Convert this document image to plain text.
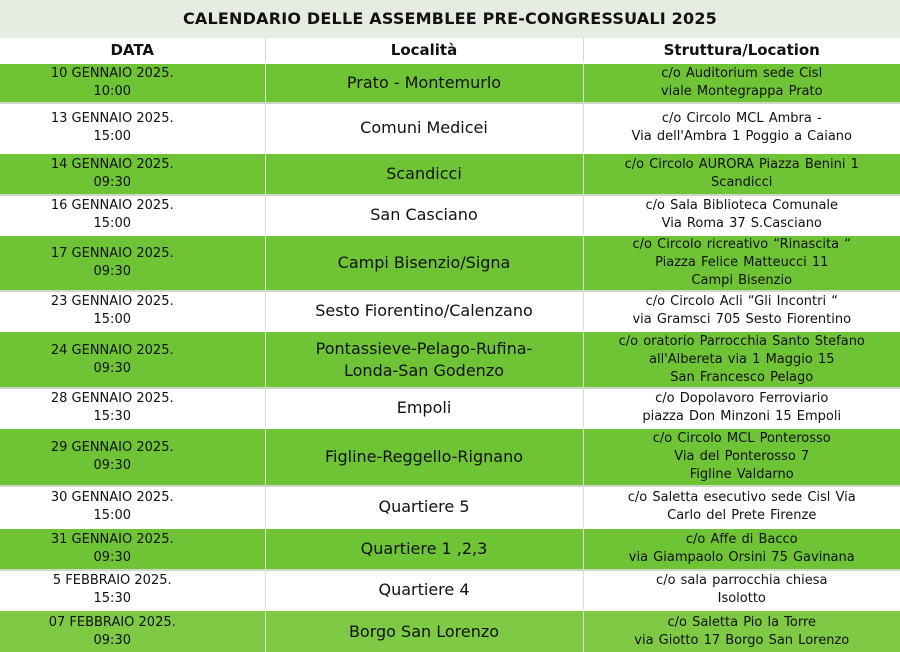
CALENDARIO DELLE ASSEMBLEE PRE-CONGRESSUALI 2025
DATA	Località	Struttura/Location
10 GENNAIO 2025.
10:00	Prato - Montemurlo	c/o Auditorium sede Cisl
viale Montegrappa Prato
13 GENNAIO 2025.
15:00	Comuni Medicei	c/o Circolo MCL Ambra -
Via dell'Ambra 1 Poggio a Caiano
14 GENNAIO 2025.
09:30	Scandicci	c/o Circolo AURORA Piazza Benini 1
Scandicci
16 GENNAIO 2025.
15:00	San Casciano	c/o Sala Biblioteca Comunale
Via Roma 37 S.Casciano
17 GENNAIO 2025.
09:30	Campi Bisenzio/Signa	c/o Circolo ricreativo “Rinascita “
Piazza Felice Matteucci 11
Campi Bisenzio
23 GENNAIO 2025.
15:00	Sesto Fiorentino/Calenzano	c/o Circolo Acli “Gli Incontri “
via Gramsci 705 Sesto Fiorentino
24 GENNAIO 2025.
09:30	Pontassieve-Pelago-Rufina-
Londa-San Godenzo	c/o oratorio Parrocchia Santo Stefano
all'Albereta via 1 Maggio 15
San Francesco Pelago
28 GENNAIO 2025.
15:30	Empoli	c/o Dopolavoro Ferroviario
piazza Don Minzoni 15 Empoli
29 GENNAIO 2025.
09:30	Figline-Reggello-Rignano	c/o Circolo MCL Ponterosso
Via del Ponterosso 7
Figline Valdarno
30 GENNAIO 2025.
15:00	Quartiere 5	c/o Saletta esecutivo sede Cisl Via
Carlo del Prete Firenze
31 GENNAIO 2025.
09:30	Quartiere 1 ,2,3	c/o Affe di Bacco
via Giampaolo Orsini 75 Gavinana
5 FEBBRAIO 2025.
15:30	Quartiere 4	c/o sala parrocchia chiesa
Isolotto
07 FEBBRAIO 2025.
09:30	Borgo San Lorenzo	c/o Saletta Pio la Torre
via Giotto 17 Borgo San Lorenzo
